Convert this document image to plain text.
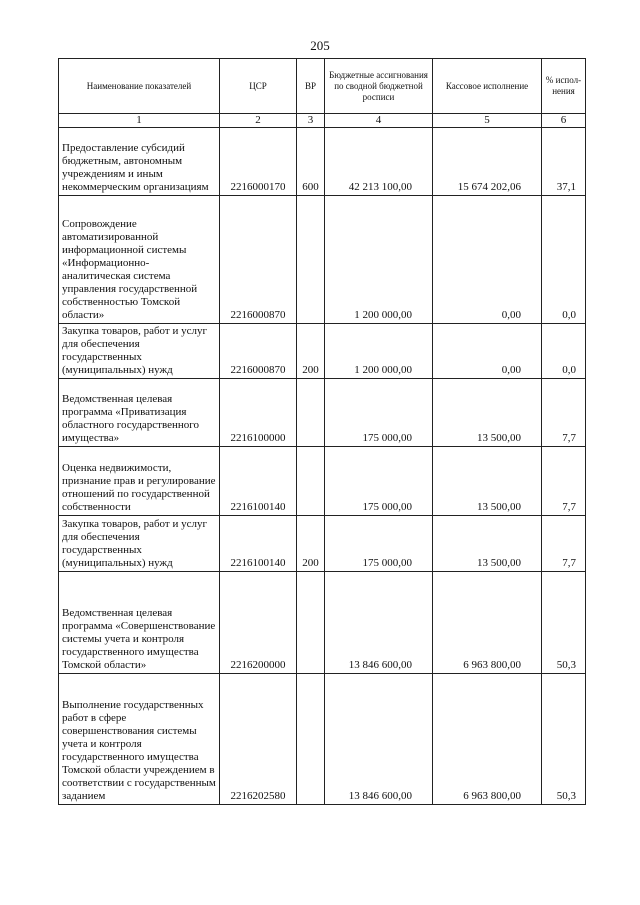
205
Наименование показателей	ЦСР	ВР	Бюджетные ассигнования по сводной бюджетной росписи	Кассовое исполнение	% испол-нения
1	2	3	4	5	6
Предоставление субсидий бюджетным, автономным учреждениям и иным некоммерческим организациям	2216000170	600	42 213 100,00	15 674 202,06	37,1
Сопровождение автоматизированной информационной системы «Информационно-аналитическая система управления государственной собственностью Томской области»	2216000870		1 200 000,00	0,00	0,0
Закупка товаров, работ и услуг для обеспечения государственных (муниципальных) нужд	2216000870	200	1 200 000,00	0,00	0,0
Ведомственная целевая программа «Приватизация областного государственного имущества»	2216100000		175 000,00	13 500,00	7,7
Оценка недвижимости, признание прав и регулирование отношений по государственной собственности	2216100140		175 000,00	13 500,00	7,7
Закупка товаров, работ и услуг для обеспечения государственных (муниципальных) нужд	2216100140	200	175 000,00	13 500,00	7,7
Ведомственная целевая программа «Совершенствование системы учета и контроля государственного имущества Томской области»	2216200000		13 846 600,00	6 963 800,00	50,3
Выполнение государственных работ в сфере совершенствования системы учета и контроля государственного имущества Томской области учреждением в соответствии с государственным заданием	2216202580		13 846 600,00	6 963 800,00	50,3
